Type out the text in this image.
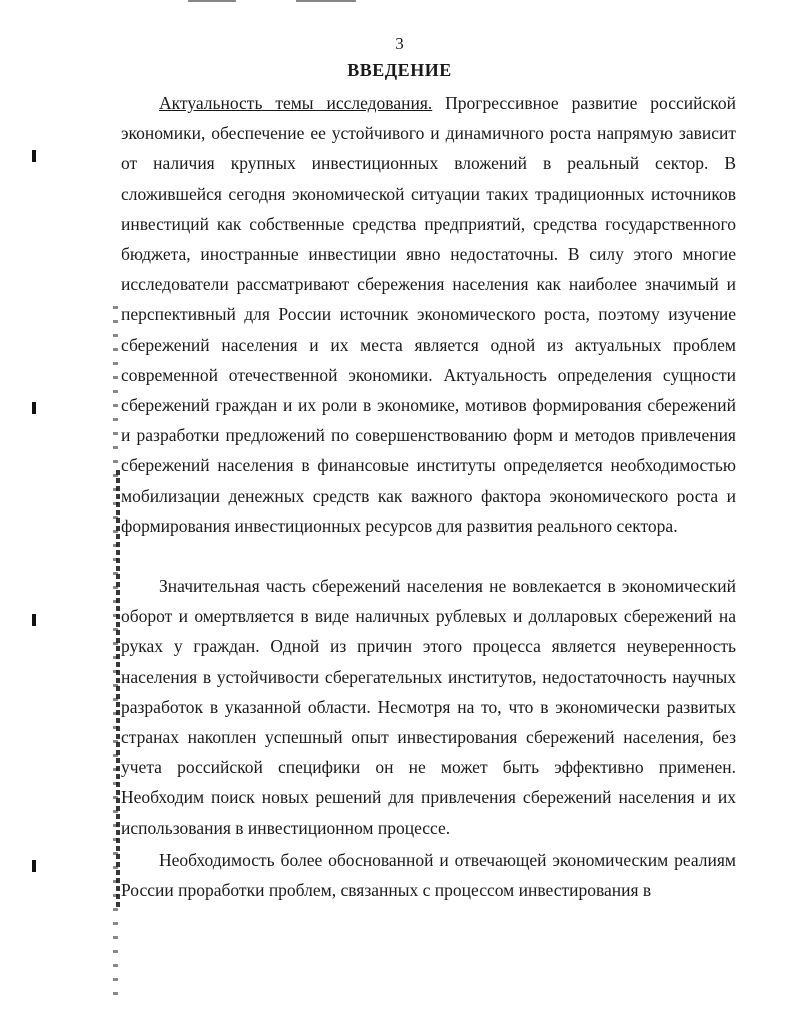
3
ВВЕДЕНИЕ

Актуальность темы исследования. Прогрессивное развитие российской экономики, обеспечение ее устойчивого и динамичного роста напрямую зависит от наличия крупных инвестиционных вложений в реальный сектор. В сложившейся сегодня экономической ситуации таких традиционных источников инвестиций как собственные средства предприятий, средства государственного бюджета, иностранные инвестиции явно недостаточны. В силу этого многие исследователи рассматривают сбережения населения как наиболее значимый и перспективный для России источник экономического роста, поэтому изучение сбережений населения и их места является одной из актуальных проблем современной отечественной экономики. Актуальность определения сущности сбережений граждан и их роли в экономике, мотивов формирования сбережений и разработки предложений по совершенствованию форм и методов привлечения сбережений населения в финансовые институты определяется необходимостью мобилизации денежных средств как важного фактора экономического роста и формирования инвестиционных ресурсов для развития реального сектора.

Значительная часть сбережений населения не вовлекается в экономический оборот и омертвляется в виде наличных рублевых и долларовых сбережений на руках у граждан. Одной из причин этого процесса является неуверенность населения в устойчивости сберегательных институтов, недостаточность научных разработок в указанной области. Несмотря на то, что в экономически развитых странах накоплен успешный опыт инвестирования сбережений населения, без учета российской специфики он не может быть эффективно применен. Необходим поиск новых решений для привлечения сбережений населения и их использования в инвестиционном процессе.

Необходимость более обоснованной и отвечающей экономическим реалиям России проработки проблем, связанных с процессом инвестирования в
